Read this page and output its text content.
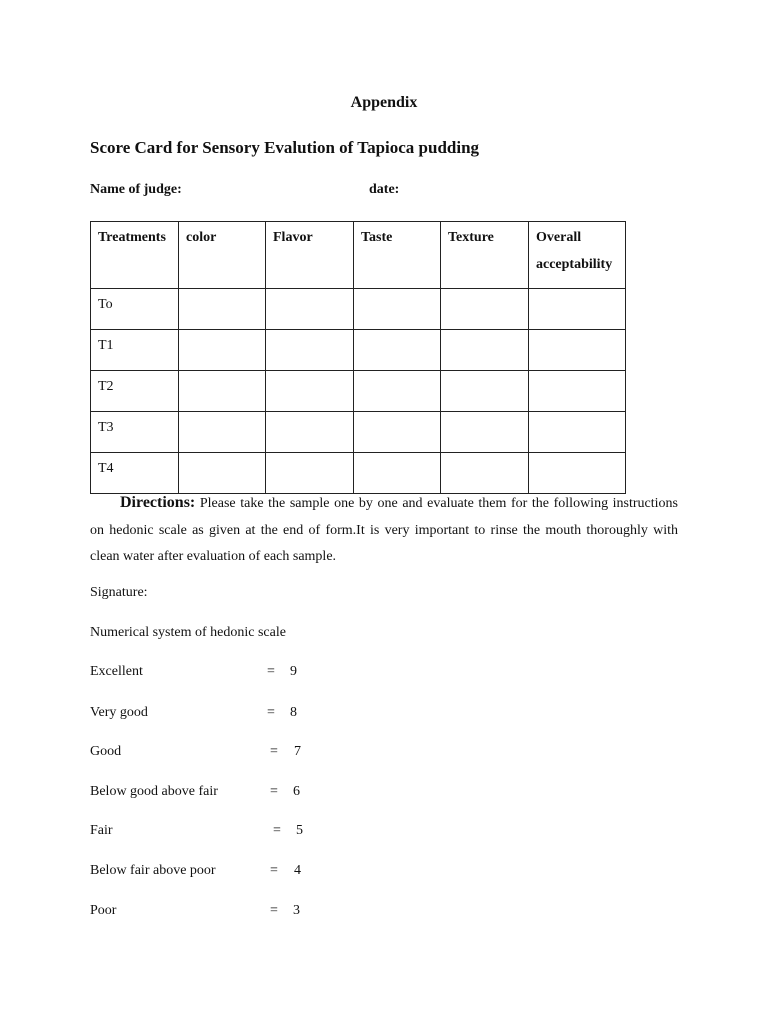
Appendix
Score Card for Sensory Evalution of Tapioca pudding
Name of judge:	date:
Treatments	color	Flavor	Taste	Texture	Overall acceptability
To					
T1					
T2					
T3					
T4					
Directions: Please take the sample one by one and evaluate them for the following instructions on hedonic scale as given at the end of form.It is very important to rinse the mouth thoroughly with clean water after evaluation of each sample.
Signature:
Numerical system of hedonic scale
Excellent	= 9
Very good	= 8
Good	= 7
Below good above fair	= 6
Fair	= 5
Below fair above poor	= 4
Poor	= 3
